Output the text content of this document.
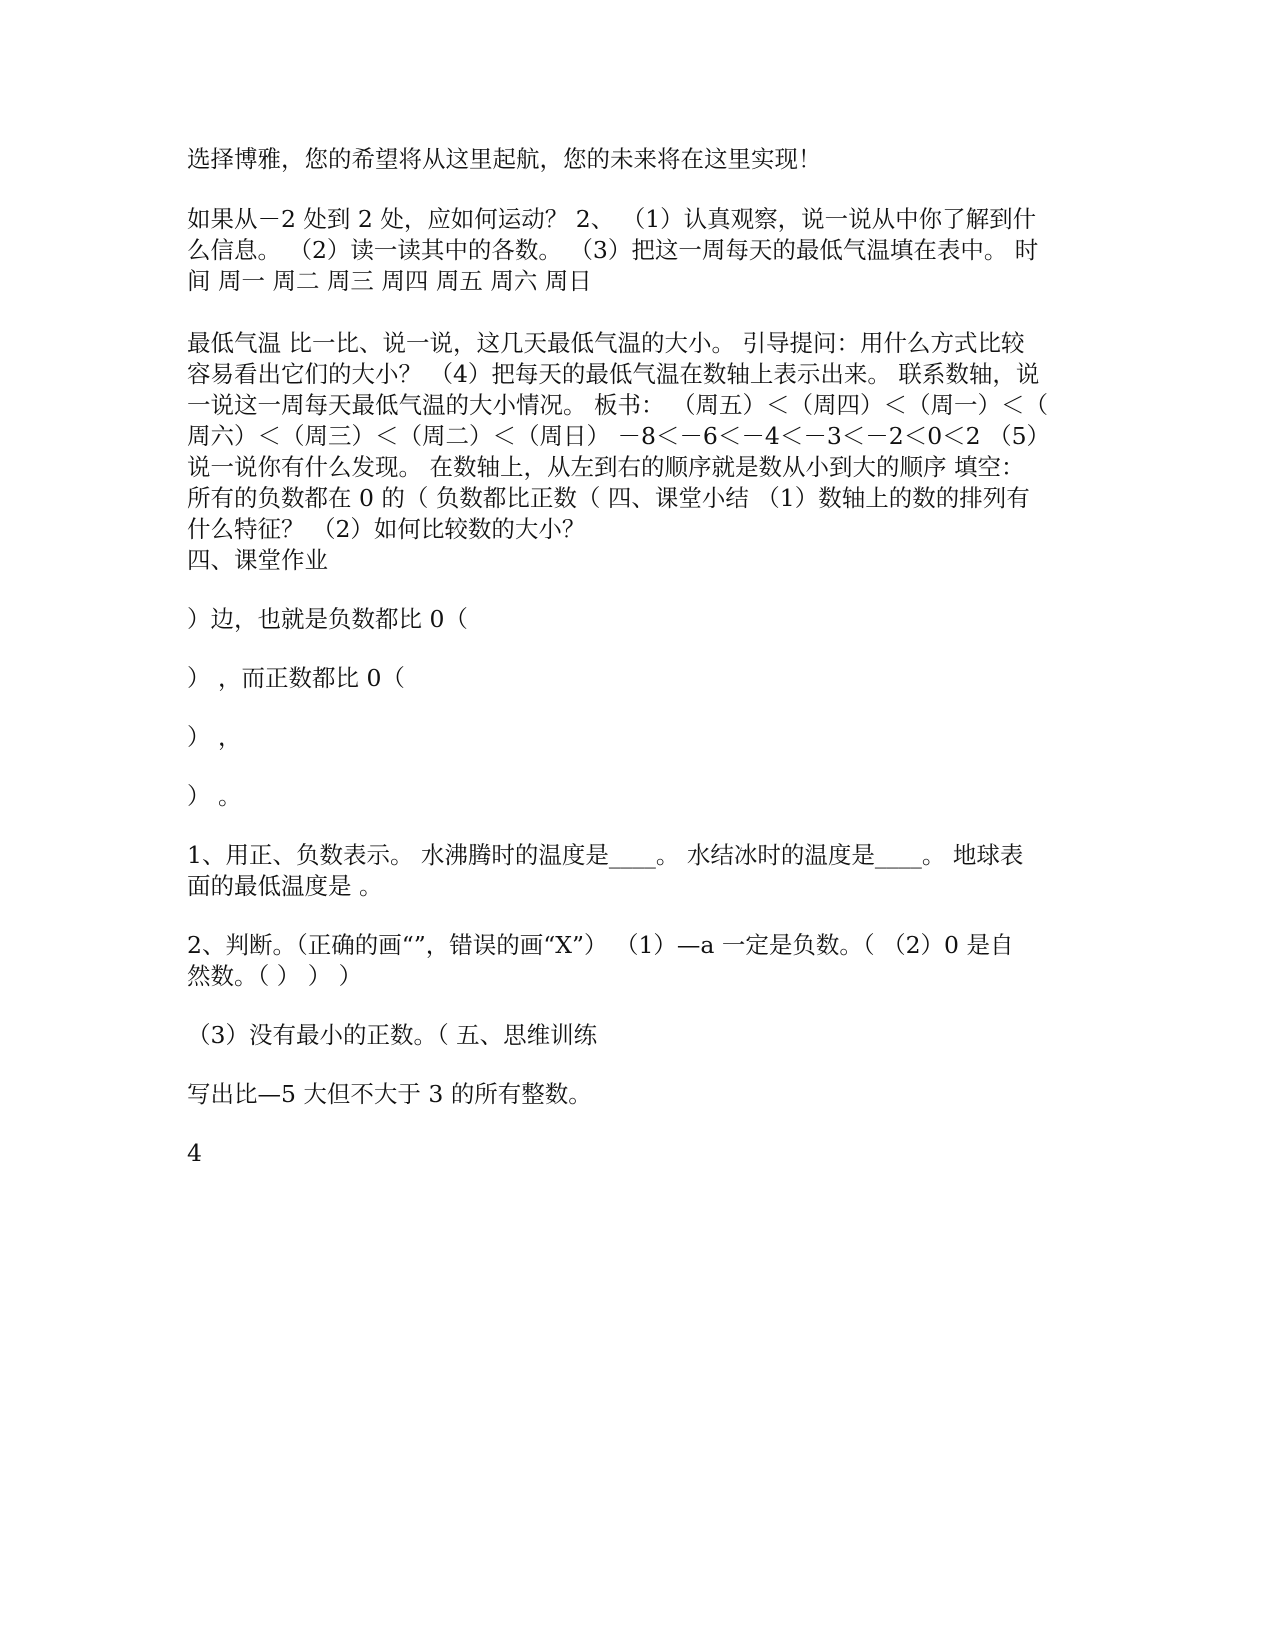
选择博雅，您的希望将从这里起航，您的未来将在这里实现！
如果从－2 处到 2 处，应如何运动？ 2、 （1）认真观察，说一说从中你了解到什
么信息。 （2）读一读其中的各数。 （3）把这一周每天的最低气温填在表中。 时
间 周一 周二 周三 周四 周五 周六 周日
最低气温 比一比、说一说，这几天最低气温的大小。 引导提问：用什么方式比较
容易看出它们的大小？ （4）把每天的最低气温在数轴上表示出来。 联系数轴，说
一说这一周每天最低气温的大小情况。 板书： （周五）＜（周四）＜（周一）＜（
周六）＜（周三）＜（周二）＜（周日） －8＜－6＜－4＜－3＜－2＜0＜2 （5）
说一说你有什么发现。 在数轴上，从左到右的顺序就是数从小到大的顺序 填空：
所有的负数都在 0 的（ 负数都比正数（ 四、课堂小结 （1）数轴上的数的排列有
什么特征？ （2）如何比较数的大小？
四、课堂作业
）边，也就是负数都比 0（
） ，而正数都比 0（
） ，
） 。
1、用正、负数表示。 水沸腾时的温度是____。 水结冰时的温度是____。 地球表
面的最低温度是 。
2、判断。（正确的画“”，错误的画“X”） （1）—a 一定是负数。（ （2）0 是自
然数。（ ） ） ）
（3）没有最小的正数。（ 五、思维训练
写出比—5 大但不大于 3 的所有整数。
4
